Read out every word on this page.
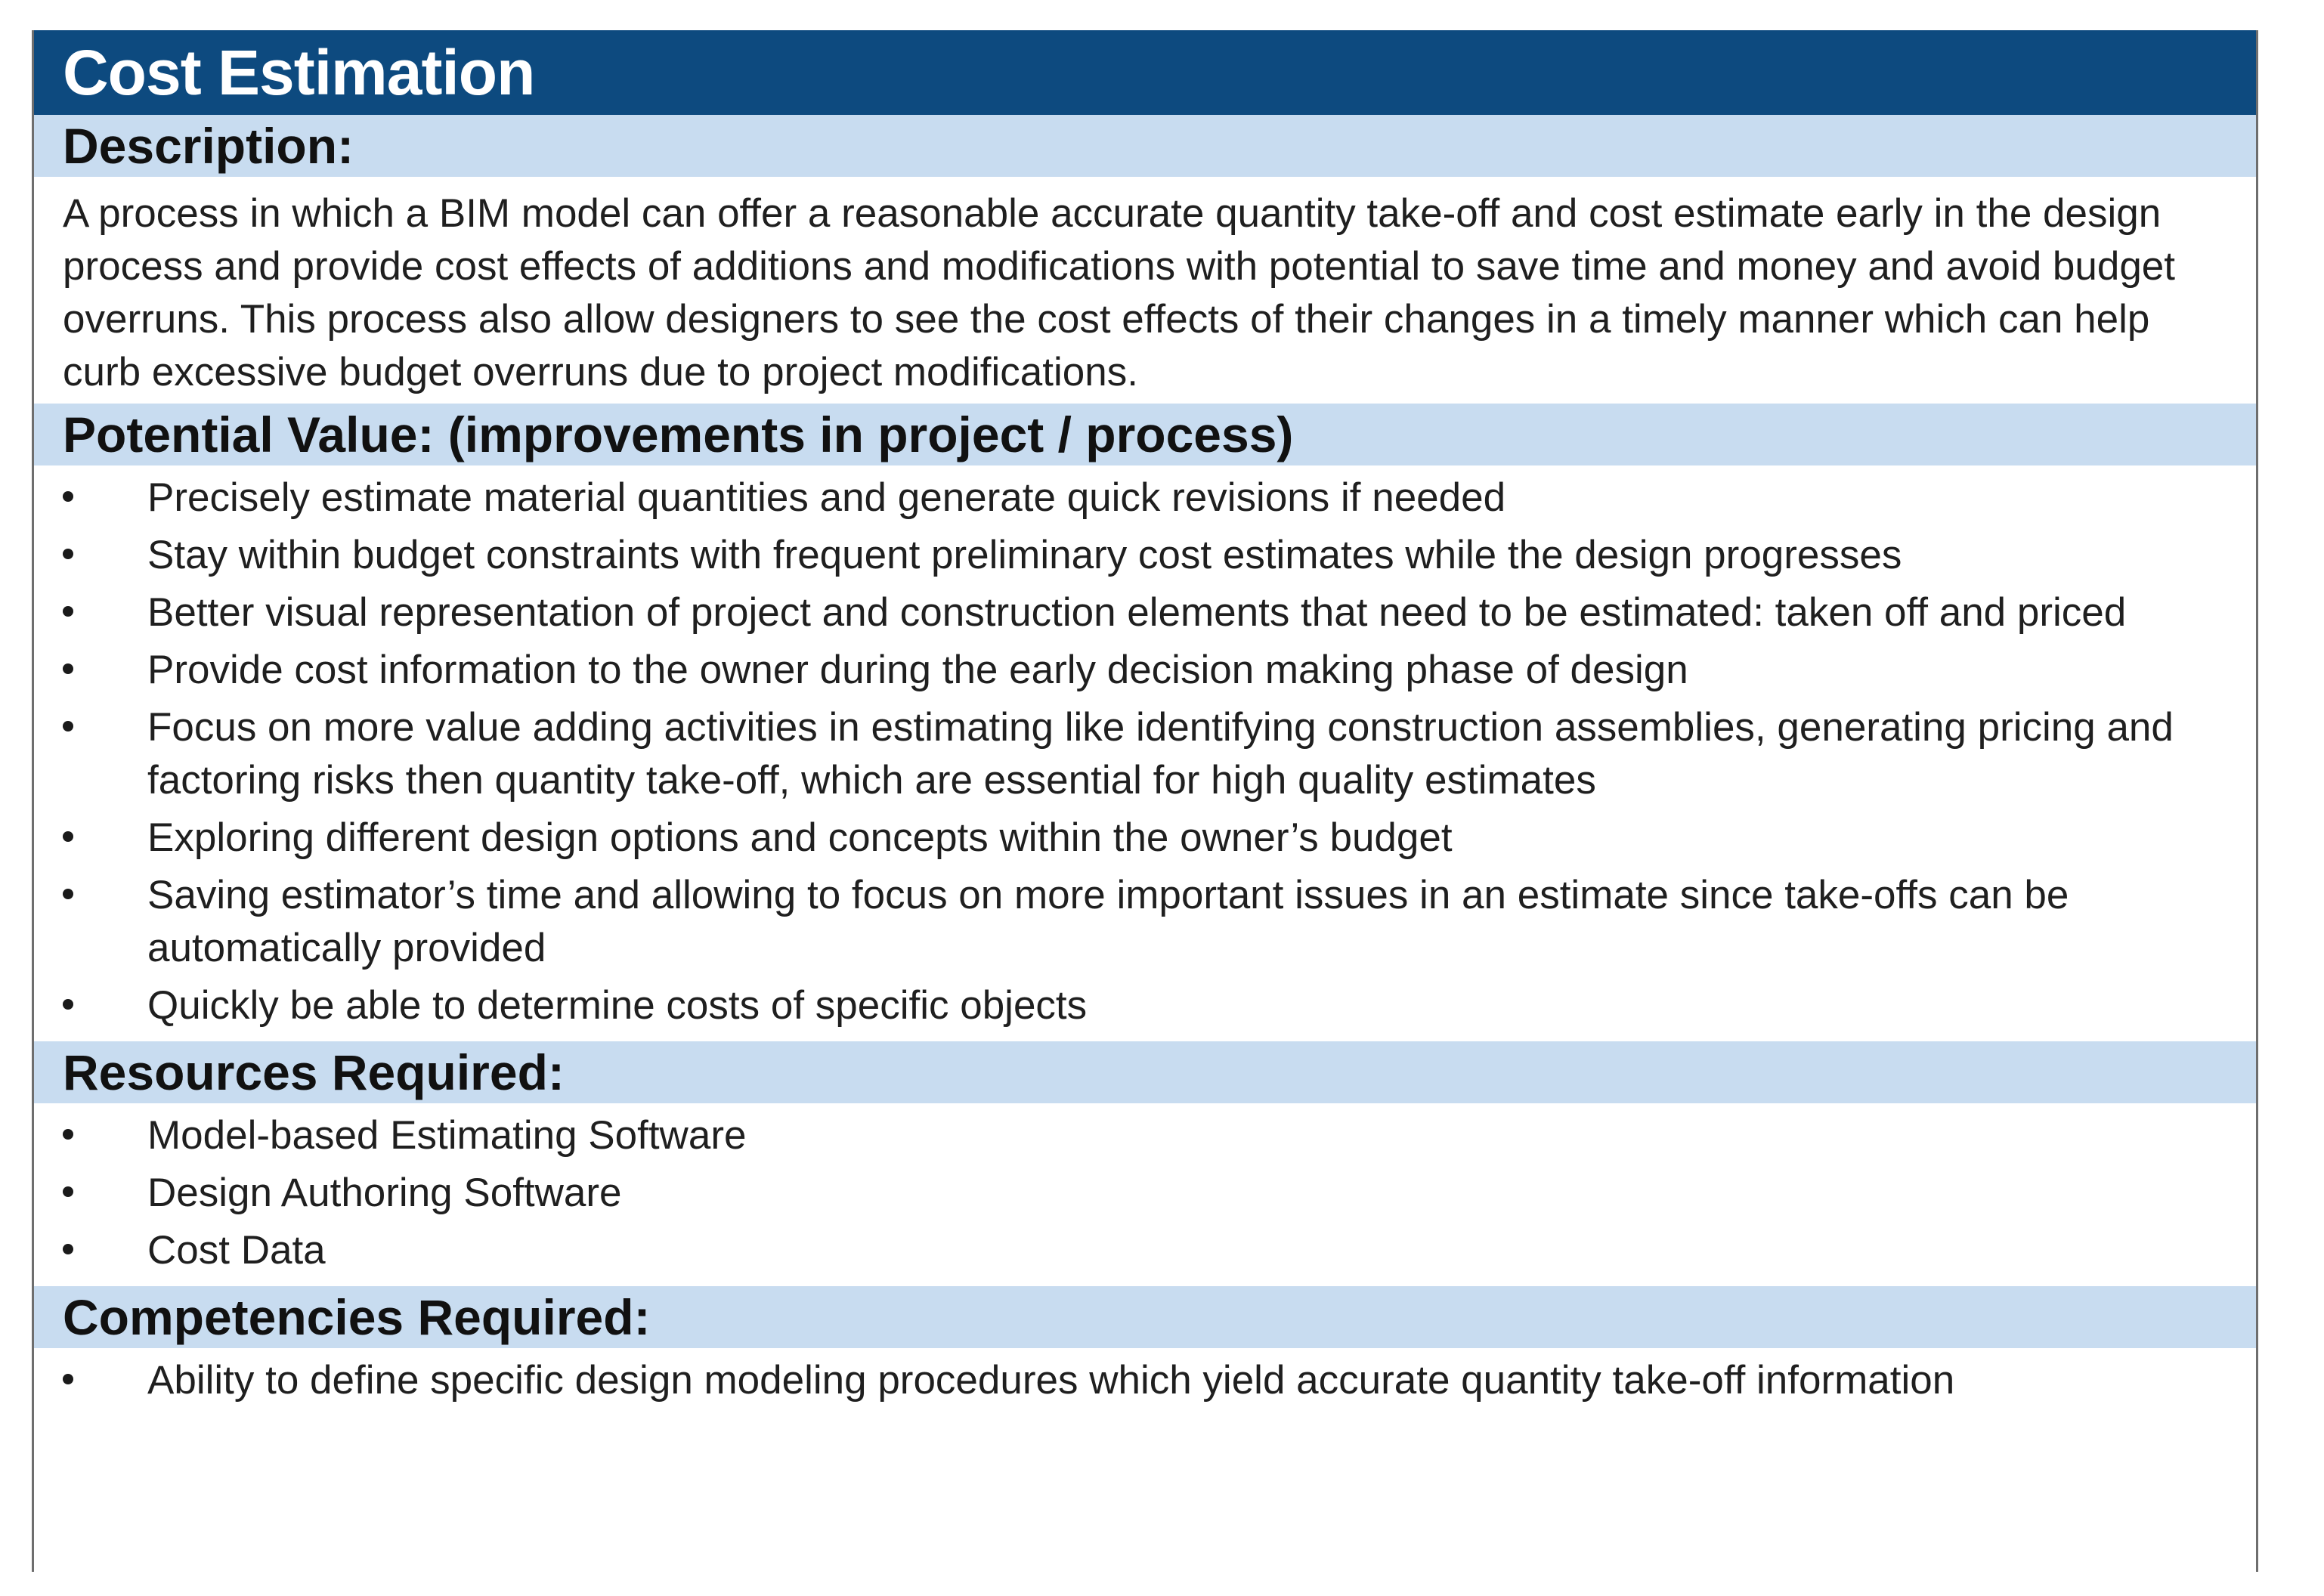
Cost Estimation
Description:
A process in which a BIM model can offer a reasonable accurate quantity take-off and cost estimate early in the design process and provide cost effects of additions and modifications with potential to save time and money and avoid budget overruns. This process also allow designers to see the cost effects of their changes in a timely manner which can help curb excessive budget overruns due to project modifications.
Potential Value: (improvements in project / process)
Precisely estimate material quantities and generate quick revisions if needed
Stay within budget constraints with frequent preliminary cost estimates while the design progresses
Better visual representation of project and construction elements that need to be estimated: taken off and priced
Provide cost information to the owner during the early decision making phase of design
Focus on more value adding activities in estimating like identifying construction assemblies, generating pricing and factoring risks then quantity take-off, which are essential for high quality estimates
Exploring different design options and concepts within the owner’s budget
Saving estimator’s time and allowing to focus on more important issues in an estimate since take-offs can be automatically provided
Quickly be able to determine costs of specific objects
Resources Required:
Model-based Estimating Software
Design Authoring Software
Cost Data
Competencies Required:
Ability to define specific design modeling procedures which yield accurate quantity take-off information
